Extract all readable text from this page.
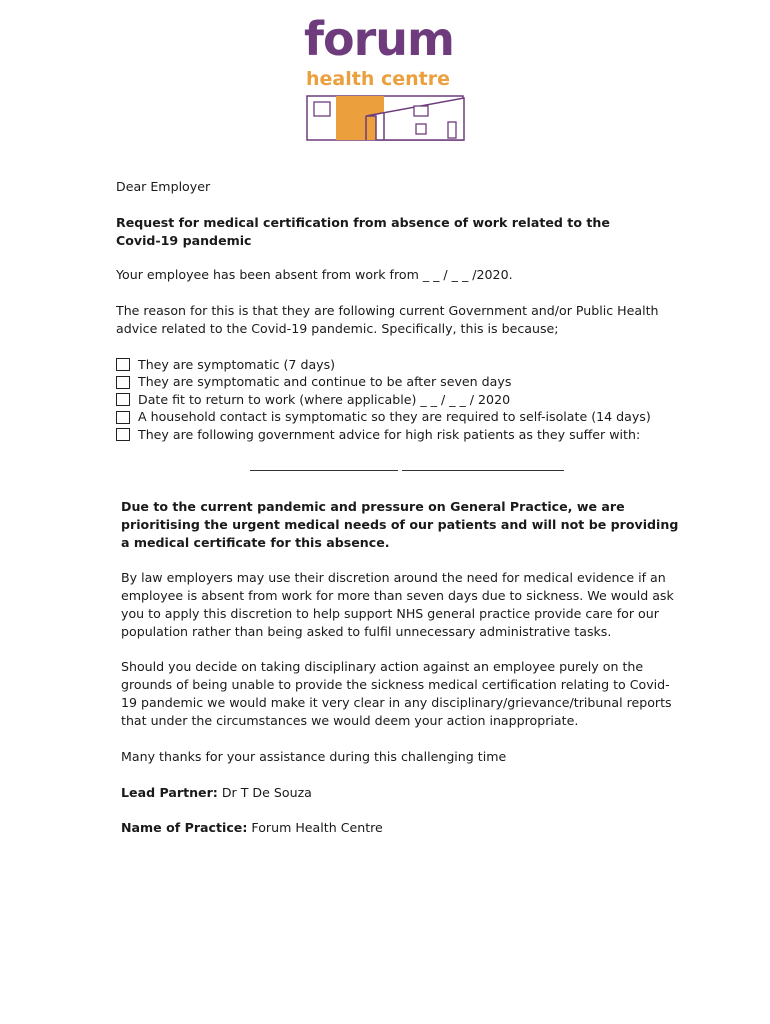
forum
health centre
Dear Employer
Request for medical certification from absence of work related to the Covid-19 pandemic
Your employee has been absent from work from _ _ / _ _ /2020.
The reason for this is that they are following current Government and/or Public Health advice related to the Covid-19 pandemic. Specifically, this is because;
They are symptomatic (7 days)
They are symptomatic and continue to be after seven days
Date fit to return to work (where applicable) _ _ / _ _ / 2020
A household contact is symptomatic so they are required to self-isolate (14 days)
They are following government advice for high risk patients as they suffer with:
Due to the current pandemic and pressure on General Practice, we are prioritising the urgent medical needs of our patients and will not be providing a medical certificate for this absence.
By law employers may use their discretion around the need for medical evidence if an employee is absent from work for more than seven days due to sickness. We would ask you to apply this discretion to help support NHS general practice provide care for our population rather than being asked to fulfil unnecessary administrative tasks.
Should you decide on taking disciplinary action against an employee purely on the grounds of being unable to provide the sickness medical certification relating to Covid-19 pandemic we would make it very clear in any disciplinary/grievance/tribunal reports that under the circumstances we would deem your action inappropriate.
Many thanks for your assistance during this challenging time
Lead Partner: Dr T De Souza
Name of Practice: Forum Health Centre
